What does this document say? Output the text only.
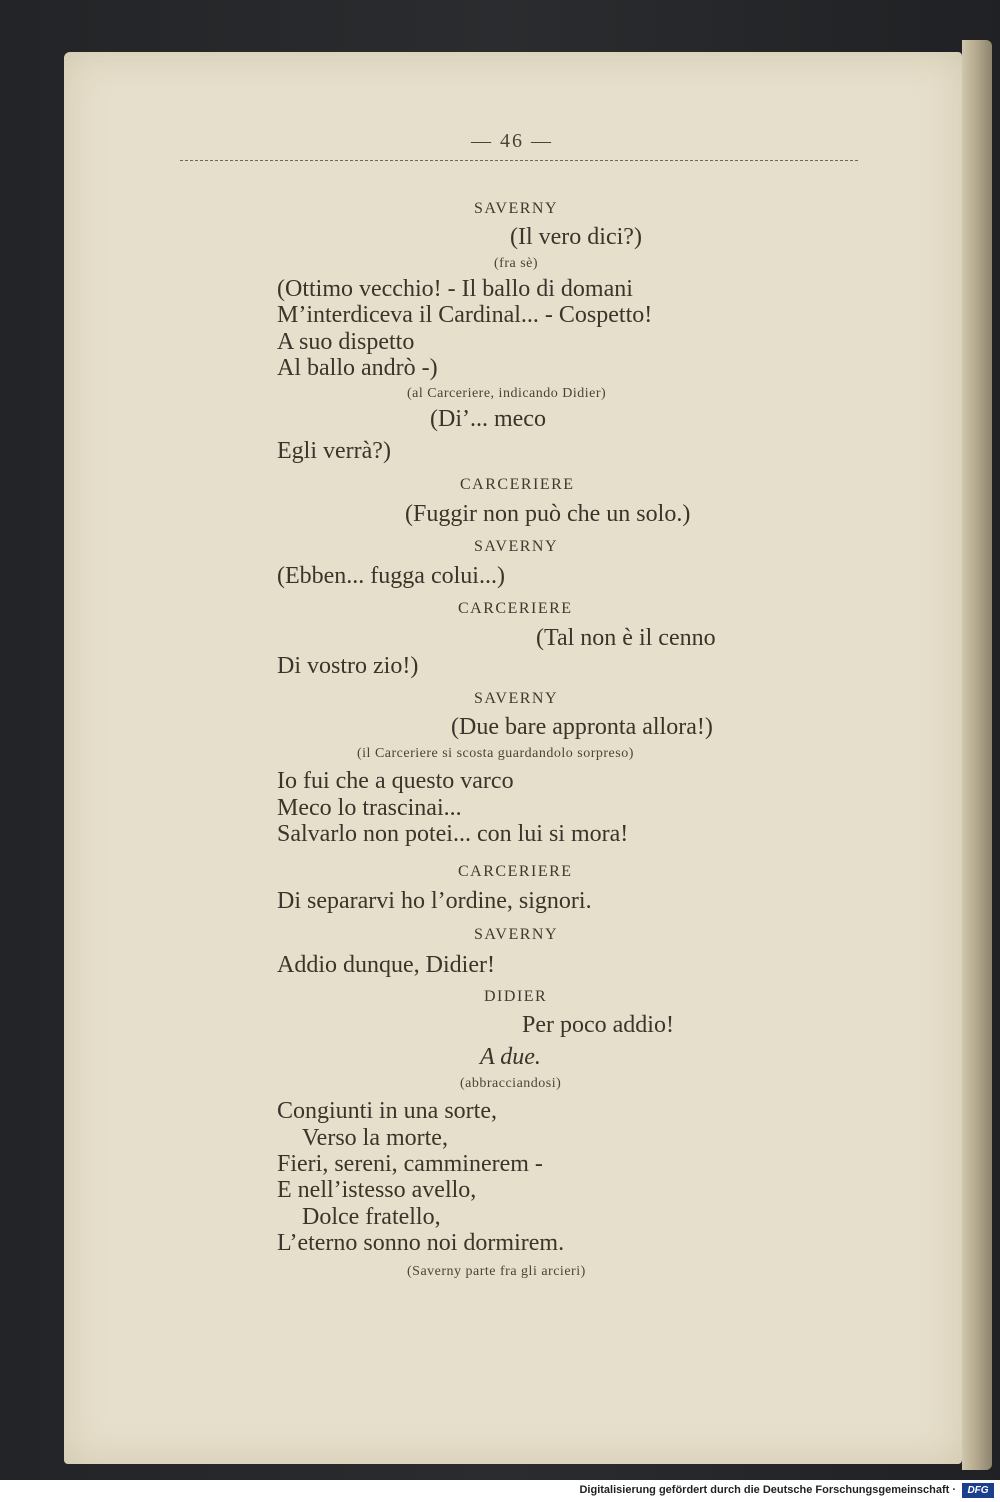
— 46 —
SAVERNY
(Il vero dici?)
(fra sè)
(Ottimo vecchio! - Il ballo di domani
M’interdiceva il Cardinal... - Cospetto!
A suo dispetto
Al ballo andrò -)
(al Carceriere, indicando Didier)
(Di’... meco
Egli verrà?)
CARCERIERE
(Fuggir non può che un solo.)
SAVERNY
(Ebben... fugga colui...)
CARCERIERE
(Tal non è il cenno
Di vostro zio!)
SAVERNY
(Due bare appronta allora!)
(il Carceriere si scosta guardandolo sorpreso)
Io fui che a questo varco
Meco lo trascinai...
Salvarlo non potei... con lui si mora!
CARCERIERE
Di separarvi ho l’ordine, signori.
SAVERNY
Addio dunque, Didier!
DIDIER
Per poco addio!
A due.
(abbracciandosi)
Congiunti in una sorte,
Verso la morte,
Fieri, sereni, camminerem -
E nell’istesso avello,
Dolce fratello,
L’eterno sonno noi dormirem.
(Saverny parte fra gli arcieri)
Digitalisierung gefördert durch die Deutsche Forschungsgemeinschaft ·	DFG
